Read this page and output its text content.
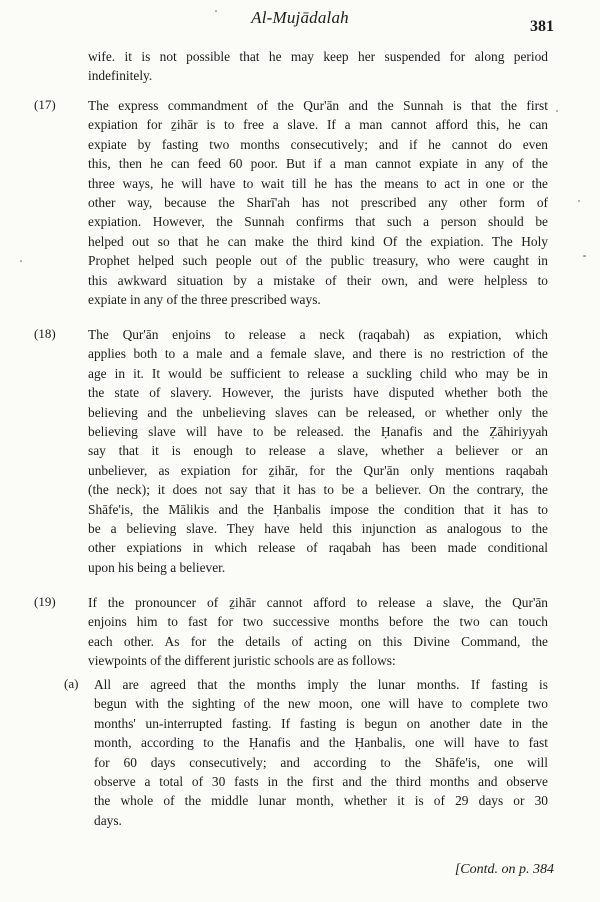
Al-Mujādalah	381
wife. it is not possible that he may keep her suspended for along period
indefinitely.
(17) The express commandment of the Qur'ān and the Sunnah is that the first
expiation for ẕihār is to free a slave. If a man cannot afford this, he can
expiate by fasting two months consecutively; and if he cannot do even
this, then he can feed 60 poor. But if a man cannot expiate in any of the
three ways, he will have to wait till he has the means to act in one or the
other way, because the Sharī'ah has not prescribed any other form of
expiation. However, the Sunnah confirms that such a person should be
helped out so that he can make the third kind Of the expiation. The Holy
Prophet helped such people out of the public treasury, who were caught in
this awkward situation by a mistake of their own, and were helpless to
expiate in any of the three prescribed ways.
(18) The Qur'ān enjoins to release a neck (raqabah) as expiation, which
applies both to a male and a female slave, and there is no restriction of the
age in it. It would be sufficient to release a suckling child who may be in
the state of slavery. However, the jurists have disputed whether both the
believing and the unbelieving slaves can be released, or whether only the
believing slave will have to be released. the Ḥanafis and the Ẓāhiriyyah
say that it is enough to release a slave, whether a believer or an
unbeliever, as expiation for ẕihār, for the Qur'ān only mentions raqabah
(the neck); it does not say that it has to be a believer. On the contrary, the
Shāfe'is, the Mālikis and the Ḥanbalis impose the condition that it has to
be a believing slave. They have held this injunction as analogous to the
other expiations in which release of raqabah has been made conditional
upon his being a believer.
(19) If the pronouncer of ẕihār cannot afford to release a slave, the Qur'ān
enjoins him to fast for two successive months before the two can touch
each other. As for the details of acting on this Divine Command, the
viewpoints of the different juristic schools are as follows:
(a) All are agreed that the months imply the lunar months. If fasting is
begun with the sighting of the new moon, one will have to complete two
months' un-interrupted fasting. If fasting is begun on another date in the
month, according to the Ḥanafis and the Ḥanbalis, one will have to fast
for 60 days consecutively; and according to the Shāfe'is, one will
observe a total of 30 fasts in the first and the third months and observe
the whole of the middle lunar month, whether it is of 29 days or 30
days.
[Contd. on p. 384
